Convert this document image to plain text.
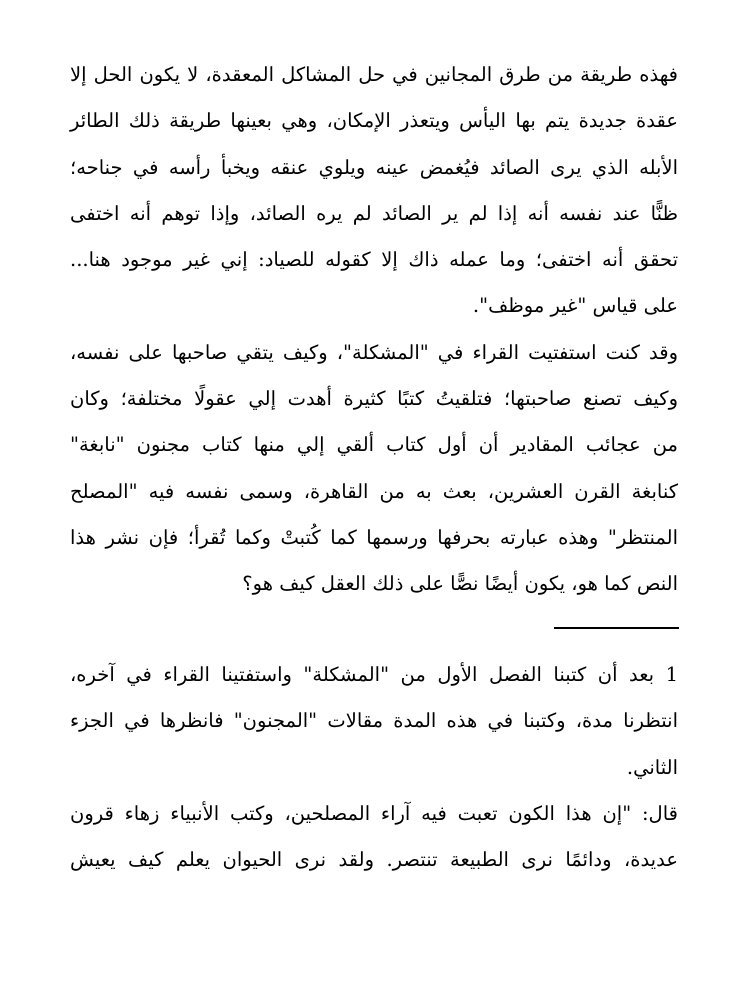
فهذه طريقة من طرق المجانين في حل المشاكل المعقدة، لا يكون الحل إلا
عقدة جديدة يتم بها اليأس ويتعذر الإمكان، وهي بعينها طريقة ذلك الطائر
الأبله الذي يرى الصائد فيُغمض عينه ويلوي عنقه ويخبأ رأسه في جناحه؛
ظنًّا عند نفسه أنه إذا لم ير الصائد لم يره الصائد، وإذا توهم أنه اختفى
تحقق أنه اختفى؛ وما عمله ذاك إلا كقوله للصياد: إني غير موجود هنا...
على قياس "غير موظف".

وقد كنت استفتيت القراء في "المشكلة"، وكيف يتقي صاحبها على نفسه،
وكيف تصنع صاحبتها؛ فتلقيتُ كتبًا كثيرة أهدت إلي عقولًا مختلفة؛ وكان
من عجائب المقادير أن أول كتاب ألقي إلي منها كتاب مجنون "نابغة"
كنابغة القرن العشرين، بعث به من القاهرة، وسمى نفسه فيه "المصلح
المنتظر" وهذه عبارته بحرفها ورسمها كما كُتبتْ وكما تُقرأ؛ فإن نشر هذا
النص كما هو، يكون أيضًا نصًّا على ذلك العقل كيف هو؟

1 بعد أن كتبنا الفصل الأول من "المشكلة" واستفتينا القراء في آخره،
انتظرنا مدة، وكتبنا في هذه المدة مقالات "المجنون" فانظرها في الجزء
الثاني.

قال: "إن هذا الكون تعبت فيه آراء المصلحين، وكتب الأنبياء زهاء قرون
عديدة، ودائمًا نرى الطبيعة تنتصر. ولقد نرى الحيوان يعلم كيف يعيش
